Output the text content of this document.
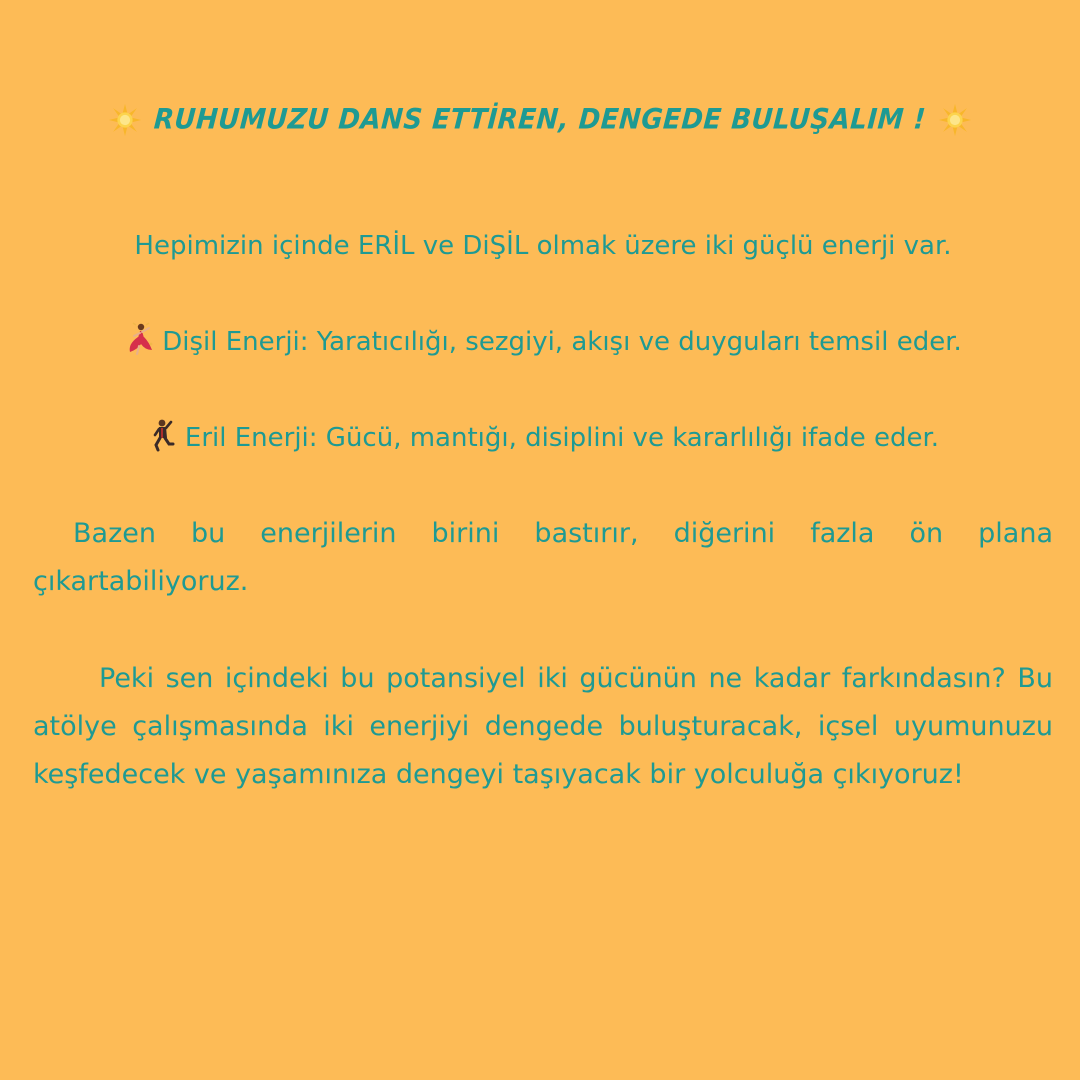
RUHUMUZU DANS ETTİREN, DENGEDE BULUŞALIM !
Hepimizin içinde ERİL ve DiŞİL olmak üzere iki güçlü enerji var.
Dişil Enerji: Yaratıcılığı, sezgiyi, akışı ve duyguları temsil eder.
Eril Enerji: Gücü, mantığı, disiplini ve kararlılığı ifade eder.
Bazen bu enerjilerin birini bastırır, diğerini fazla ön plana çıkartabiliyoruz.
Peki sen içindeki bu potansiyel iki gücünün ne kadar farkındasın? Bu atölye çalışmasında iki enerjiyi dengede buluşturacak, içsel uyumunuzu keşfedecek ve yaşamınıza dengeyi taşıyacak bir yolculuğa çıkıyoruz!
